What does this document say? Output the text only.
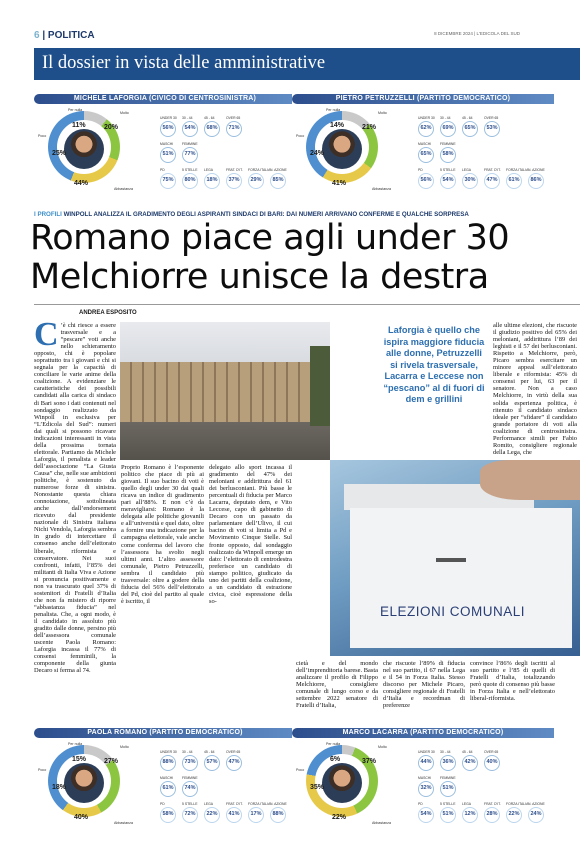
6 | POLITICA	8 DICEMBRE 2024 | L'EDICOLA DEL SUD
Il dossier in vista delle amministrative
MICHELE LAFORGIA (CIVICO DI CENTROSINISTRA)
11%	20%
25%
44%
Per nulla
Molto
Poco
Abbastanza
UNDER 30
56%
30 - 44
54%
45 - 64
68%
OVER 65
71%
MASCHI
51%
FEMMINE
77%
PD
75%
5 STELLE
80%
LEGA
18%
FRAT. D'IT.
37%
FORZA ITALIA
29%
N. AZIONE
85%
PIETRO PETRUZZELLI (PARTITO DEMOCRATICO)
14%	21%
24%
41%
Per nulla
Molto
Poco
Abbastanza
UNDER 30
62%
30 - 44
69%
45 - 64
65%
OVER 65
53%
MASCHI
65%
FEMMINE
58%
PD
56%
5 STELLE
54%
LEGA
30%
FRAT. D'IT.
47%
FORZA ITALIA
61%
N. AZIONE
86%
PAOLA ROMANO (PARTITO DEMOCRATICO)
15%	27%
18%
40%
Per nulla
Molto
Poco
Abbastanza
UNDER 30
88%
30 - 44
73%
45 - 64
57%
OVER 65
47%
MASCHI
61%
FEMMINE
74%
PD
58%
5 STELLE
72%
LEGA
22%
FRAT. D'IT.
41%
FORZA ITALIA
17%
N. AZIONE
88%
MARCO LACARRA (PARTITO DEMOCRATICO)
6%	37%
35%
22%
Per nulla
Molto
Poco
Abbastanza
UNDER 30
44%
30 - 44
36%
45 - 64
42%
OVER 65
40%
MASCHI
32%
FEMMINE
51%
PD
54%
5 STELLE
51%
LEGA
12%
FRAT. D'IT.
28%
FORZA ITALIA
22%
N. AZIONE
24%
I PROFILI WINPOLL ANALIZZA IL GRADIMENTO DEGLI ASPIRANTI SINDACI DI BARI: DAI NUMERI ARRIVANO CONFERME E QUALCHE SORPRESA
Romano piace agli under 30
Melchiorre unisce la destra
ANDREA ESPOSITO
C ’è chi riesce a essere trasversale e a “pescare” voti anche nello schieramento opposto, chi è popolare soprattutto tra i giovani e chi si segnala per la capacità di conciliare le varie anime della coalizione. A evidenziare le caratteristiche dei possibili candidati alla carica di sindaco di Bari sono i dati contenuti nel sondaggio realizzato da Winpoll in esclusiva per “L’Edicola del Sud”: numeri dai quali si possono ricavare indicazioni interessanti in vista della prossima tornata elettorale. Partiamo da Michele Laforgia, il penalista e leader dell’associazione “La Giusta Causa” che, nelle sue ambizioni politiche, è sostenuto da numerose forze di sinistra. Nonostante questa chiara connotazione, sottolineata anche dall’endorsement ricevuto dal presidente nazionale di Sinistra italiana Nichi Vendola, Laforgia sembra in grado di intercettare il consenso anche dell’elettorato liberale, riformista e conservatore. Nei suoi confronti, infatti, l’85% dei militanti di Italia Viva e Azione si pronuncia positivamente e non va trascurato quel 37% di sostenitori di Fratelli d’Italia che non fa mistero di riporre “abbastanza fiducia” nel penalista. Che, a ogni modo, è il candidato in assoluto più gradito dalle donne, persino più dell’assessora comunale uscente Paola Romano: Laforgia incassa il 77% di consensi femminili, la componente della giunta Decaro si ferma al 74.
Proprio Romano è l’esponente politico che piace di più ai giovani. Il suo bacino di voti è quello degli under 30 dai quali ricava un indice di gradimento pari all’88%. E non c’è da meravigliarsi: Romano è la delegata alle politiche giovanili e all’università e quel dato, oltre a fornire una indicazione per la campagna elettorale, vale anche come conferma del lavoro che l’assessora ha svolto negli ultimi anni. L’altro assessore comunale, Pietro Petruzzelli, sembra il candidato più trasversale: oltre a godere della fiducia del 56% dell’elettorato del Pd, cioè del partito al quale è iscritto, il
delegato allo sport incassa il gradimento del 47% dei meloniani e addirittura del 61 dei berlusconiani. Più basse le percentuali di fiducia per Marco Lacarra, deputato dem, e Vito Leccese, capo di gabinetto di Decaro con un passato da parlamentare dell’Ulivo, il cui bacino di voti si limita a Pd e Movimento Cinque Stelle. Sul fronte opposto, dal sondaggio realizzato da Winpoll emerge un dato: l’elettorato di centrodestra preferisce un candidato di stampo politico, giudicato da uno dei partiti della coalizione, a un candidato di estrazione civica, cioè espressione della so-
cietà e del mondo dell’imprenditoria barese. Basta analizzare il profilo di Filippo Melchiorre, consigliere comunale di lungo corso e da settembre 2022 senatore di Fratelli d’Italia,
che riscuote l’89% di fiducia nel suo partito, il 67 nella Lega e il 54 in Forza Italia. Stesso discorso per Michele Picaro, consigliere regionale di Fratelli d’Italia e recordman di preferenze
convince l’86% degli iscritti al suo partito e l’85 di quelli di Fratelli d’Italia, totalizzando però quote di consenso più basse in Forza Italia e nell’elettorato liberal-riformista.
Laforgia è quello che ispira maggiore fiducia alle donne, Petruzzelli si rivela trasversale, Lacarra e Leccese non “pescano” al di fuori di dem e grillini
alle ultime elezioni, che riscuote il giudizio positivo del 65% dei meloniani, addirittura l’89 dei leghisti e il 57 dei berlusconiani. Rispetto a Melchiorre, però, Picaro sembra esercitare un minore appeal sull’elettorato liberale e riformista: 45% di consensi per lui, 63 per il senatore. Non a caso Melchiorre, in virtù della sua solida esperienza politica, è ritenuto il candidato sindaco ideale per “sfidare” il candidato grande portatore di voti alla coalizione di centrosinistra. Performance simili per Fabio Romito, consigliere regionale della Lega, che
ELEZIONI COMUNALI
